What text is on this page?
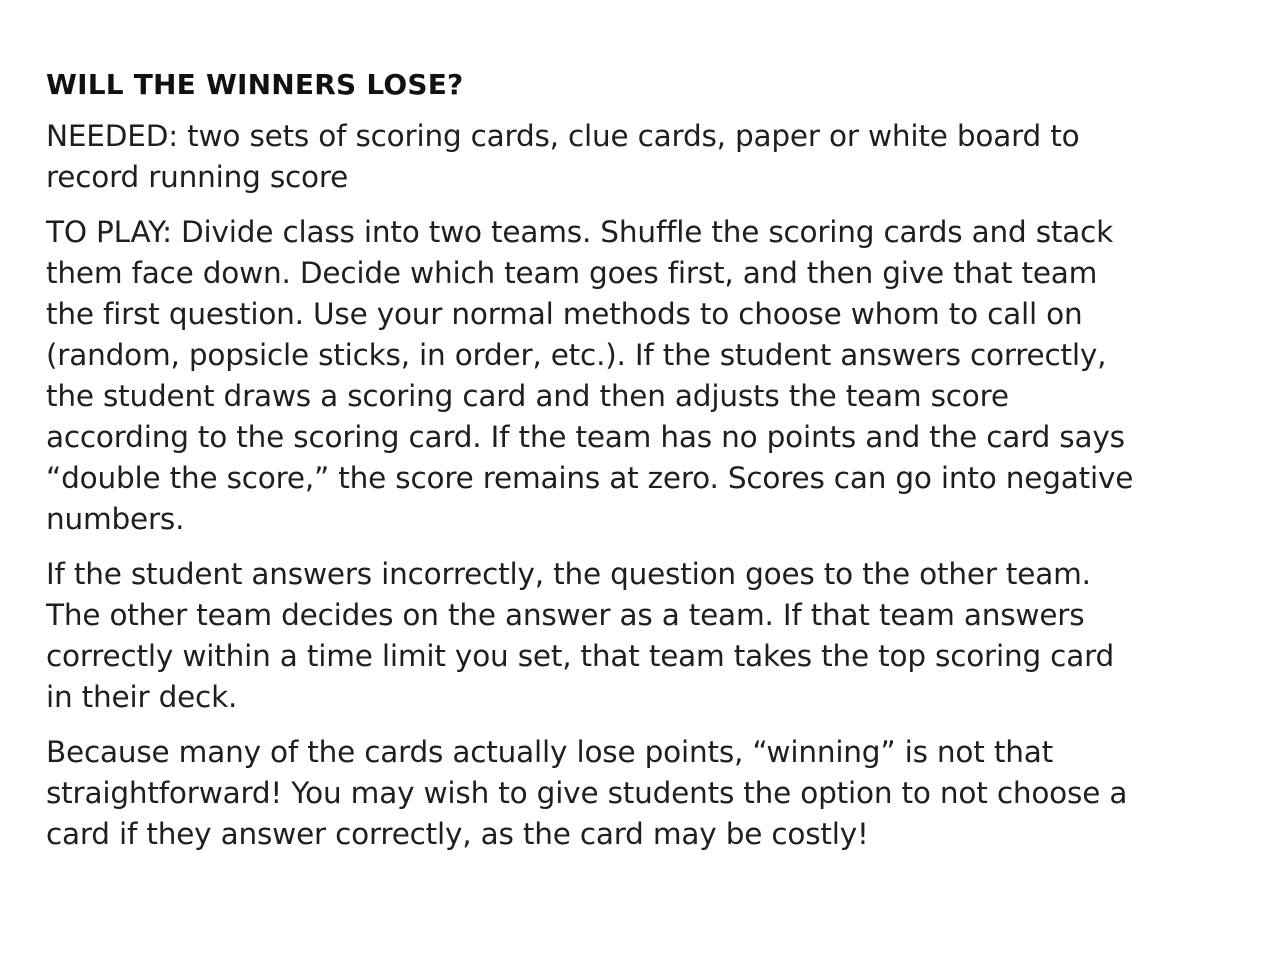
WILL THE WINNERS LOSE?

NEEDED: two sets of scoring cards, clue cards, paper or white board to
record running score

TO PLAY: Divide class into two teams. Shuffle the scoring cards and stack
them face down. Decide which team goes first, and then give that team
the first question. Use your normal methods to choose whom to call on
(random, popsicle sticks, in order, etc.). If the student answers correctly,
the student draws a scoring card and then adjusts the team score
according to the scoring card. If the team has no points and the card says
“double the score,” the score remains at zero. Scores can go into negative
numbers.

If the student answers incorrectly, the question goes to the other team.
The other team decides on the answer as a team. If that team answers
correctly within a time limit you set, that team takes the top scoring card
in their deck.

Because many of the cards actually lose points, “winning” is not that
straightforward! You may wish to give students the option to not choose a
card if they answer correctly, as the card may be costly!
